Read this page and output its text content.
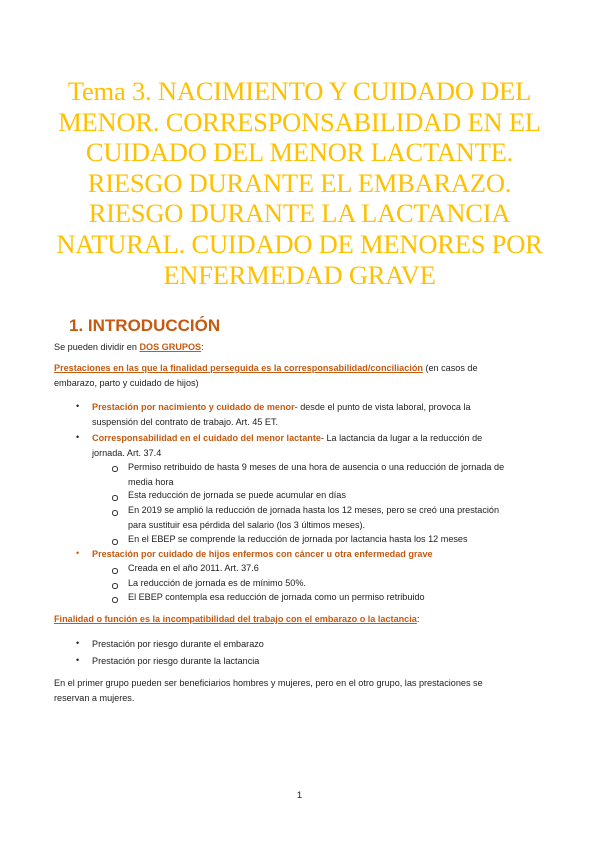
Tema 3. NACIMIENTO Y CUIDADO DEL MENOR. CORRESPONSABILIDAD EN EL CUIDADO DEL MENOR LACTANTE. RIESGO DURANTE EL EMBARAZO. RIESGO DURANTE LA LACTANCIA NATURAL. CUIDADO DE MENORES POR ENFERMEDAD GRAVE
1. INTRODUCCIÓN
Se pueden dividir en DOS GRUPOS:
Prestaciones en las que la finalidad perseguida es la corresponsabilidad/conciliación (en casos de
embarazo, parto y cuidado de hijos)
• Prestación por nacimiento y cuidado de menor- desde el punto de vista laboral, provoca la
suspensión del contrato de trabajo. Art. 45 ET.
• Corresponsabilidad en el cuidado del menor lactante- La lactancia da lugar a la reducción de
jornada. Art. 37.4
Permiso retribuido de hasta 9 meses de una hora de ausencia o una reducción de jornada de
media hora
Esta reducción de jornada se puede acumular en días
En 2019 se amplió la reducción de jornada hasta los 12 meses, pero se creó una prestación
para sustituir esa pérdida del salario (los 3 últimos meses).
En el EBEP se comprende la reducción de jornada por lactancia hasta los 12 meses
• Prestación por cuidado de hijos enfermos con cáncer u otra enfermedad grave
Creada en el año 2011. Art. 37.6
La reducción de jornada es de mínimo 50%.
El EBEP contempla esa reducción de jornada como un permiso retribuido
Finalidad o función es la incompatibilidad del trabajo con el embarazo o la lactancia:
• Prestación por riesgo durante el embarazo
• Prestación por riesgo durante la lactancia
En el primer grupo pueden ser beneficiarios hombres y mujeres, pero en el otro grupo, las prestaciones se
reservan a mujeres.
1
